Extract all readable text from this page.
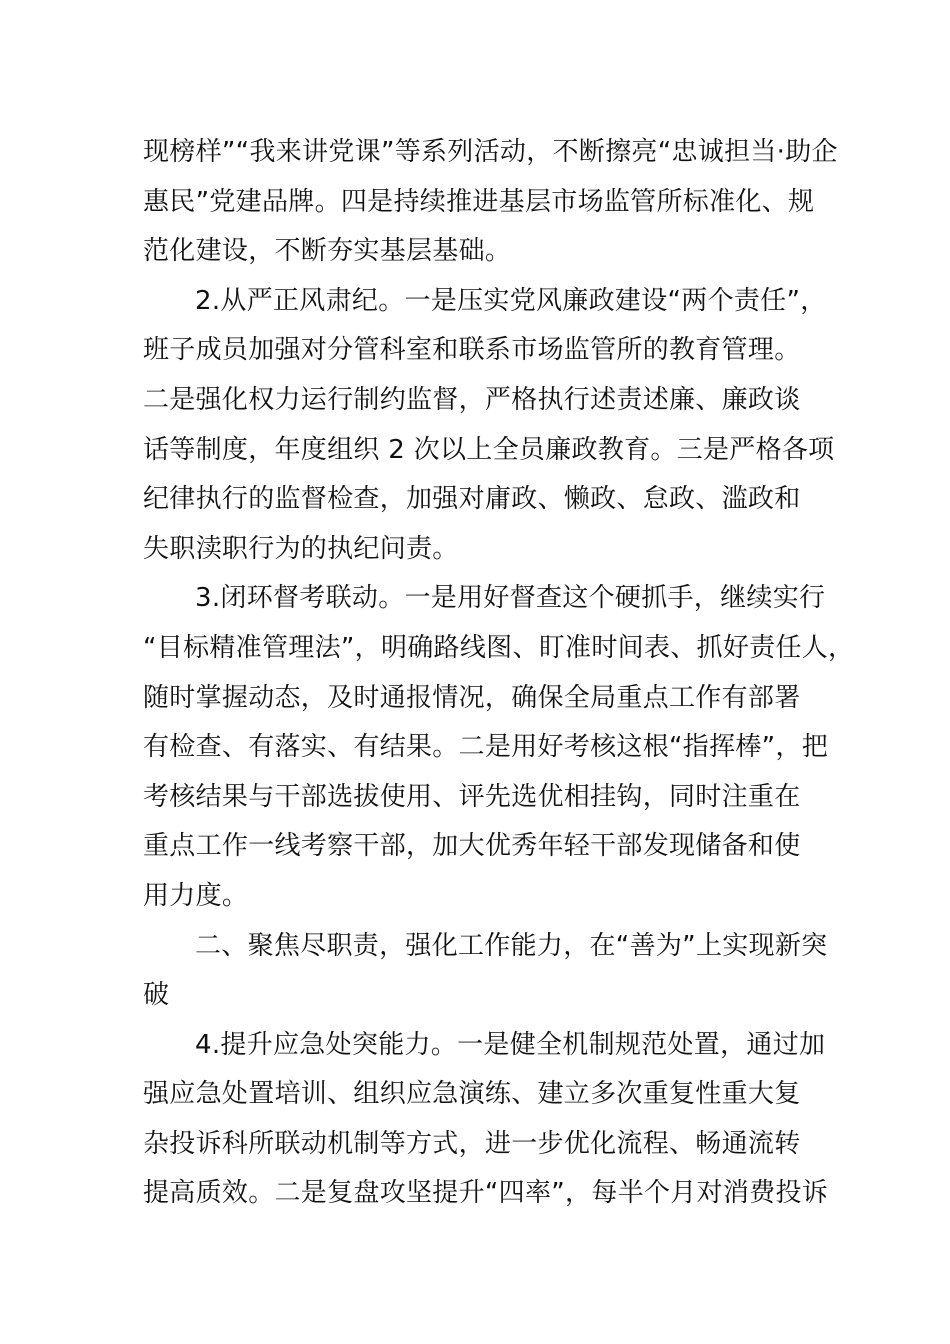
现榜样”“我来讲党课”等系列活动，不断擦亮“忠诚担当·助企
惠民”党建品牌。四是持续推进基层市场监管所标准化、规
范化建设，不断夯实基层基础。
2.从严正风肃纪。一是压实党风廉政建设“两个责任”，
班子成员加强对分管科室和联系市场监管所的教育管理。
二是强化权力运行制约监督，严格执行述责述廉、廉政谈
话等制度，年度组织 2 次以上全员廉政教育。三是严格各项
纪律执行的监督检查，加强对庸政、懒政、怠政、滥政和
失职渎职行为的执纪问责。
3.闭环督考联动。一是用好督查这个硬抓手，继续实行
“目标精准管理法”，明确路线图、盯准时间表、抓好责任人，
随时掌握动态，及时通报情况，确保全局重点工作有部署
有检查、有落实、有结果。二是用好考核这根“指挥棒”，把
考核结果与干部选拔使用、评先选优相挂钩，同时注重在
重点工作一线考察干部，加大优秀年轻干部发现储备和使
用力度。
二、聚焦尽职责，强化工作能力，在“善为”上实现新突
破
4.提升应急处突能力。一是健全机制规范处置，通过加
强应急处置培训、组织应急演练、建立多次重复性重大复
杂投诉科所联动机制等方式，进一步优化流程、畅通流转
提高质效。二是复盘攻坚提升“四率”，每半个月对消费投诉
